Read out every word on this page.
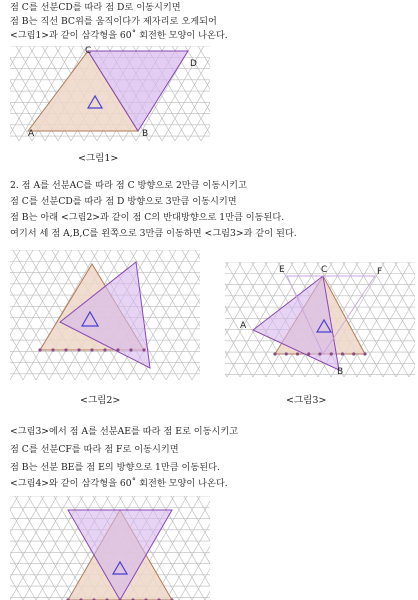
점 C를 선분CD를 따라 점 D로 이동시키면
점 B는 직선 BC위를 움직이다가 제자리로 오게되어
<그림1>과 같이 삼각형을 60˚ 회전한 모양이 나온다.
C
D
A	B
<그림1>
2. 점 A를 선분AC를 따라 점 C 방향으로 2만큼 이동시키고
점 C를 선분CD를 따라 점 D 방향으로 3만큼 이동시키면
점 B는 아래 <그림2>과 같이 점 C의 반대방향으로 1만큼 이동된다.
여기서 세 점 A,B,C를 왼쪽으로 3만큼 이동하면 <그림3>과 같이 된다.
<그림2>
E	C	F
A
B
<그림3>
<그림3>에서 점 A를 선분AE를 따라 점 E로 이동시키고
점 C를 선분CF를 따라 점 F로 이동시키면
점 B는 선분 BE를 점 E의 방향으로 1만큼 이동된다.
<그림4>와 같이 삼각형을 60˚ 회전한 모양이 나온다.
